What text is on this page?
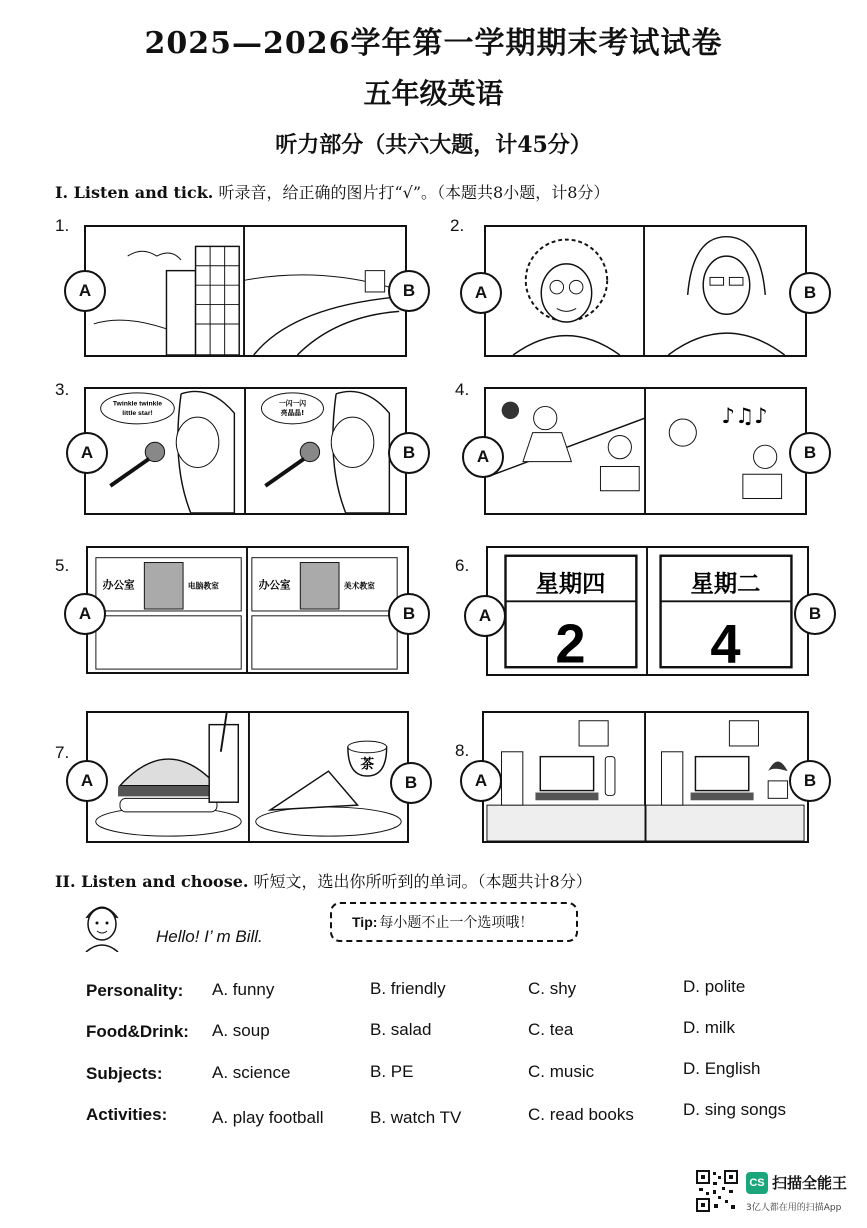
2025—2026学年第一学期期末考试试卷
五年级英语
听力部分（共六大题，计45分）
I. Listen and tick. 听录音，给正确的图片打“√”。（本题共8小题，计8分）
1.
A	B
2.
A	B
3.
Twinkle twinkle
little star!
一闪一闪
亮晶晶!
A	B
4.
♪♫♪
A	B
5.
办公室	电脑教室	办公室	美术教室
A	B
6.
星期四
2
星期二
4
A	B
7.
茶
A	B
8.
A	B
II. Listen and choose. 听短文，选出你所听到的单词。（本题共计8分）
Hello! I’ m Bill.
Tip: 每小题不止一个选项哦！
Personality: A. funny	B. friendly	C. shy	D. polite
Food&Drink: A. soup	B. salad	C. tea	D. milk
Subjects:	A. science	B. PE	C. music	D. English
Activities:	A. play football	B. watch TV	C. read books	D. sing songs
CS 扫描全能王
3亿人都在用的扫描App
